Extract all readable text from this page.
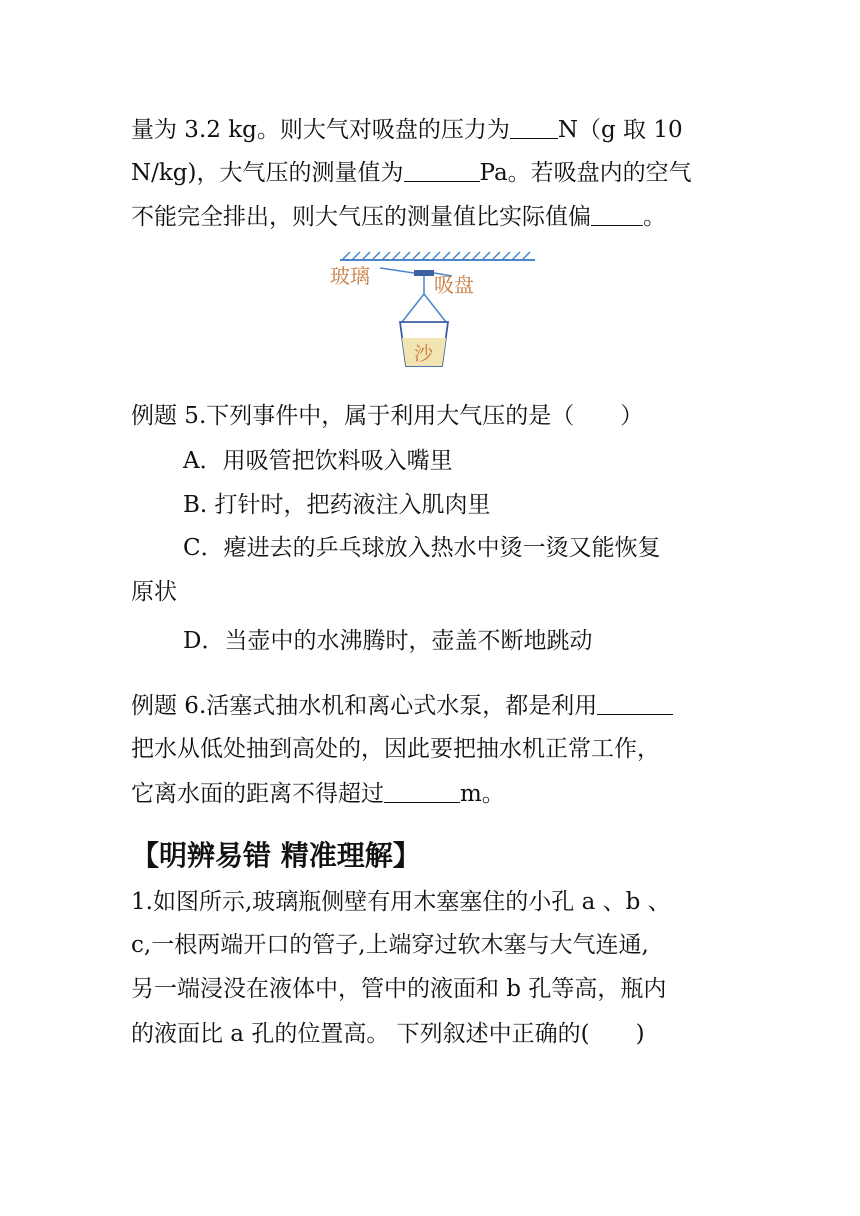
量为 3.2 kg。则大气对吸盘的压力为 N（g 取 10
N/kg)，大气压的测量值为	Pa。若吸盘内的空气
不能完全排出，则大气压的测量值比实际值偏 。
玻璃	吸盘
沙
例题 5.下列事件中，属于利用大气压的是（　　）
A．用吸管把饮料吸入嘴里
B. 打针时，把药液注入肌肉里
C．瘪进去的乒乓球放入热水中烫一烫又能恢复
原状
D．当壶中的水沸腾时，壶盖不断地跳动
例题 6.活塞式抽水机和离心式水泵，都是利用
把水从低处抽到高处的，因此要把抽水机正常工作，
它离水面的距离不得超过	m。
【明辨易错 精准理解】
1.如图所示,玻璃瓶侧壁有用木塞塞住的小孔 a 、b 、
c,一根两端开口的管子,上端穿过软木塞与大气连通,
另一端浸没在液体中，管中的液面和 b 孔等高，瓶内
的液面比 a 孔的位置高。 下列叙述中正确的(　　)
